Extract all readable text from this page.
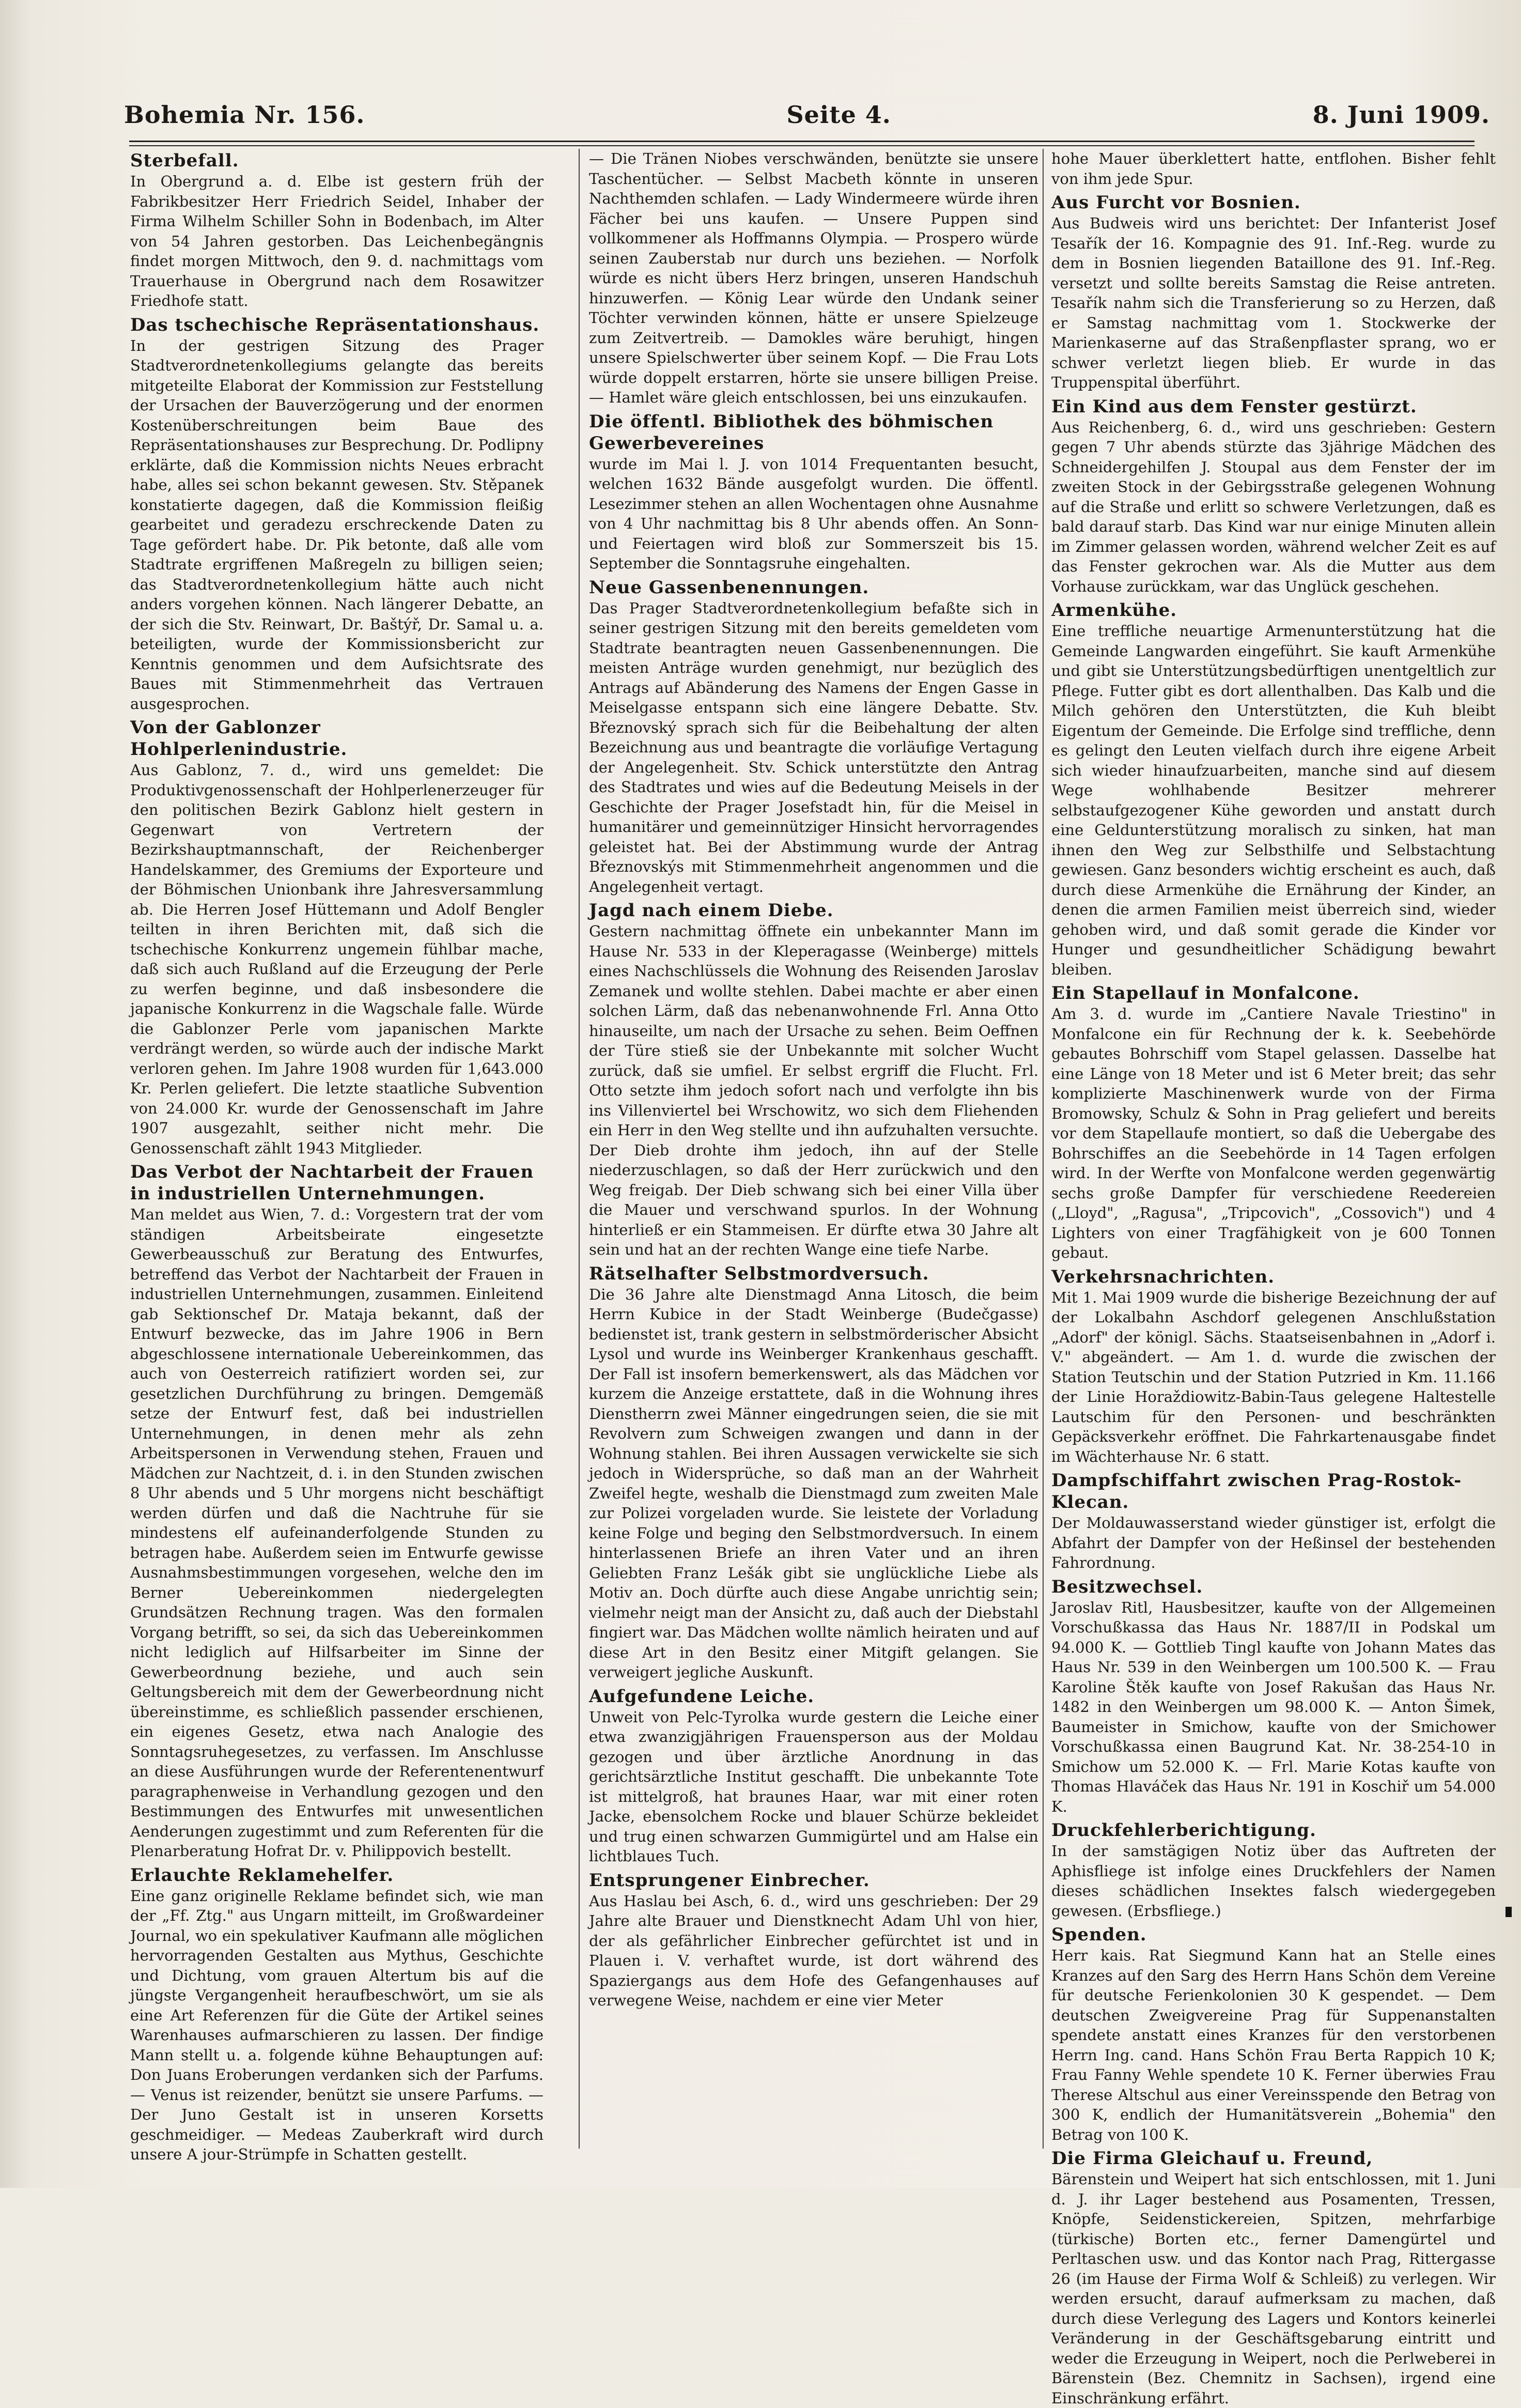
Bohemia Nr. 156.	Seite 4.	8. Juni 1909.
Sterbefall.

In Obergrund a. d. Elbe ist gestern früh der Fabrikbesitzer Herr Friedrich Seidel, Inhaber der Firma Wilhelm Schiller Sohn in Bodenbach, im Alter von 54 Jahren gestorben. Das Leichenbegängnis findet morgen Mittwoch, den 9. d. nachmittags vom Trauerhause in Obergrund nach dem Rosawitzer Friedhofe statt.

Das tschechische Repräsentationshaus.

In der gestrigen Sitzung des Prager Stadtverordnetenkollegiums gelangte das bereits mitgeteilte Elaborat der Kommission zur Feststellung der Ursachen der Bauverzögerung und der enormen Kostenüberschreitungen beim Baue des Repräsentationshauses zur Besprechung. Dr. Podlipny erklärte, daß die Kommission nichts Neues erbracht habe, alles sei schon bekannt gewesen. Stv. Stěpanek konstatierte dagegen, daß die Kommission fleißig gearbeitet und geradezu erschreckende Daten zu Tage gefördert habe. Dr. Pik betonte, daß alle vom Stadtrate ergriffenen Maßregeln zu billigen seien; das Stadtverordnetenkollegium hätte auch nicht anders vorgehen können. Nach längerer Debatte, an der sich die Stv. Reinwart, Dr. Baštýř, Dr. Samal u. a. beteiligten, wurde der Kommissionsbericht zur Kenntnis genommen und dem Aufsichtsrate des Baues mit Stimmenmehrheit das Vertrauen ausgesprochen.

Von der Gablonzer Hohlperlenindustrie.

Aus Gablonz, 7. d., wird uns gemeldet: Die Produktivgenossenschaft der Hohlperlenerzeuger für den politischen Bezirk Gablonz hielt gestern in Gegenwart von Vertretern der Bezirkshauptmannschaft, der Reichenberger Handelskammer, des Gremiums der Exporteure und der Böhmischen Unionbank ihre Jahresversammlung ab. Die Herren Josef Hüttemann und Adolf Bengler teilten in ihren Berichten mit, daß sich die tschechische Konkurrenz ungemein fühlbar mache, daß sich auch Rußland auf die Erzeugung der Perle zu werfen beginne, und daß insbesondere die japanische Konkurrenz in die Wagschale falle. Würde die Gablonzer Perle vom japanischen Markte verdrängt werden, so würde auch der indische Markt verloren gehen. Im Jahre 1908 wurden für 1,643.000 Kr. Perlen geliefert. Die letzte staatliche Subvention von 24.000 Kr. wurde der Genossenschaft im Jahre 1907 ausgezahlt, seither nicht mehr. Die Genossenschaft zählt 1943 Mitglieder.

Das Verbot der Nachtarbeit der Frauen in industriellen Unternehmungen.

Man meldet aus Wien, 7. d.: Vorgestern trat der vom ständigen Arbeitsbeirate eingesetzte Gewerbeausschuß zur Beratung des Entwurfes, betreffend das Verbot der Nachtarbeit der Frauen in industriellen Unternehmungen, zusammen. Einleitend gab Sektionschef Dr. Mataja bekannt, daß der Entwurf bezwecke, das im Jahre 1906 in Bern abgeschlossene internationale Uebereinkommen, das auch von Oesterreich ratifiziert worden sei, zur gesetzlichen Durchführung zu bringen. Demgemäß setze der Entwurf fest, daß bei industriellen Unternehmungen, in denen mehr als zehn Arbeitspersonen in Verwendung stehen, Frauen und Mädchen zur Nachtzeit, d. i. in den Stunden zwischen 8 Uhr abends und 5 Uhr morgens nicht beschäftigt werden dürfen und daß die Nachtruhe für sie mindestens elf aufeinanderfolgende Stunden zu betragen habe. Außerdem seien im Entwurfe gewisse Ausnahmsbestimmungen vorgesehen, welche den im Berner Uebereinkommen niedergelegten Grundsätzen Rechnung tragen. Was den formalen Vorgang betrifft, so sei, da sich das Uebereinkommen nicht lediglich auf Hilfsarbeiter im Sinne der Gewerbeordnung beziehe, und auch sein Geltungsbereich mit dem der Gewerbeordnung nicht übereinstimme, es schließlich passender erschienen, ein eigenes Gesetz, etwa nach Analogie des Sonntagsruhegesetzes, zu verfassen. Im Anschlusse an diese Ausführungen wurde der Referentenentwurf paragraphenweise in Verhandlung gezogen und den Bestimmungen des Entwurfes mit unwesentlichen Aenderungen zugestimmt und zum Referenten für die Plenarberatung Hofrat Dr. v. Philippovich bestellt.

Erlauchte Reklamehelfer.

Eine ganz originelle Reklame befindet sich, wie man der „Ff. Ztg." aus Ungarn mitteilt, im Großwardeiner Journal, wo ein spekulativer Kaufmann alle möglichen hervorragenden Gestalten aus Mythus, Geschichte und Dichtung, vom grauen Altertum bis auf die jüngste Vergangenheit heraufbeschwört, um sie als eine Art Referenzen für die Güte der Artikel seines Warenhauses aufmarschieren zu lassen. Der findige Mann stellt u. a. folgende kühne Behauptungen auf: Don Juans Eroberungen verdanken sich der Parfums. — Venus ist reizender, benützt sie unsere Parfums. — Der Juno Gestalt ist in unseren Korsetts geschmeidiger. — Medeas Zauberkraft wird durch unsere A jour-Strümpfe in Schatten gestellt.

— Die Tränen Niobes verschwänden, benützte sie unsere Taschentücher. — Selbst Macbeth könnte in unseren Nachthemden schlafen. — Lady Windermeere würde ihren Fächer bei uns kaufen. — Unsere Puppen sind vollkommener als Hoffmanns Olympia. — Prospero würde seinen Zauberstab nur durch uns beziehen. — Norfolk würde es nicht übers Herz bringen, unseren Handschuh hinzuwerfen. — König Lear würde den Undank seiner Töchter verwinden können, hätte er unsere Spielzeuge zum Zeitvertreib. — Damokles wäre beruhigt, hingen unsere Spielschwerter über seinem Kopf. — Die Frau Lots würde doppelt erstarren, hörte sie unsere billigen Preise. — Hamlet wäre gleich entschlossen, bei uns einzukaufen.

Die öffentl. Bibliothek des böhmischen Gewerbevereines

wurde im Mai l. J. von 1014 Frequentanten besucht, welchen 1632 Bände ausgefolgt wurden. Die öffentl. Lesezimmer stehen an allen Wochentagen ohne Ausnahme von 4 Uhr nachmittag bis 8 Uhr abends offen. An Sonn- und Feiertagen wird bloß zur Sommerszeit bis 15. September die Sonntagsruhe eingehalten.

Neue Gassenbenennungen.

Das Prager Stadtverordnetenkollegium befaßte sich in seiner gestrigen Sitzung mit den bereits gemeldeten vom Stadtrate beantragten neuen Gassenbenennungen. Die meisten Anträge wurden genehmigt, nur bezüglich des Antrags auf Abänderung des Namens der Engen Gasse in Meiselgasse entspann sich eine längere Debatte. Stv. Březnovský sprach sich für die Beibehaltung der alten Bezeichnung aus und beantragte die vorläufige Vertagung der Angelegenheit. Stv. Schick unterstützte den Antrag des Stadtrates und wies auf die Bedeutung Meisels in der Geschichte der Prager Josefstadt hin, für die Meisel in humanitärer und gemeinnütziger Hinsicht hervorragendes geleistet hat. Bei der Abstimmung wurde der Antrag Březnovskýs mit Stimmenmehrheit angenommen und die Angelegenheit vertagt.

Jagd nach einem Diebe.

Gestern nachmittag öffnete ein unbekannter Mann im Hause Nr. 533 in der Kleperagasse (Weinberge) mittels eines Nachschlüssels die Wohnung des Reisenden Jaroslav Zemanek und wollte stehlen. Dabei machte er aber einen solchen Lärm, daß das nebenanwohnende Frl. Anna Otto hinauseilte, um nach der Ursache zu sehen. Beim Oeffnen der Türe stieß sie der Unbekannte mit solcher Wucht zurück, daß sie umfiel. Er selbst ergriff die Flucht. Frl. Otto setzte ihm jedoch sofort nach und verfolgte ihn bis ins Villenviertel bei Wrschowitz, wo sich dem Fliehenden ein Herr in den Weg stellte und ihn aufzuhalten versuchte. Der Dieb drohte ihm jedoch, ihn auf der Stelle niederzuschlagen, so daß der Herr zurückwich und den Weg freigab. Der Dieb schwang sich bei einer Villa über die Mauer und verschwand spurlos. In der Wohnung hinterließ er ein Stammeisen. Er dürfte etwa 30 Jahre alt sein und hat an der rechten Wange eine tiefe Narbe.

Rätselhafter Selbstmordversuch.

Die 36 Jahre alte Dienstmagd Anna Litosch, die beim Herrn Kubice in der Stadt Weinberge (Budečgasse) bedienstet ist, trank gestern in selbstmörderischer Absicht Lysol und wurde ins Weinberger Krankenhaus geschafft. Der Fall ist insofern bemerkenswert, als das Mädchen vor kurzem die Anzeige erstattete, daß in die Wohnung ihres Dienstherrn zwei Männer eingedrungen seien, die sie mit Revolvern zum Schweigen zwangen und dann in der Wohnung stahlen. Bei ihren Aussagen verwickelte sie sich jedoch in Widersprüche, so daß man an der Wahrheit Zweifel hegte, weshalb die Dienstmagd zum zweiten Male zur Polizei vorgeladen wurde. Sie leistete der Vorladung keine Folge und beging den Selbstmordversuch. In einem hinterlassenen Briefe an ihren Vater und an ihren Geliebten Franz Lešák gibt sie unglückliche Liebe als Motiv an. Doch dürfte auch diese Angabe unrichtig sein; vielmehr neigt man der Ansicht zu, daß auch der Diebstahl fingiert war. Das Mädchen wollte nämlich heiraten und auf diese Art in den Besitz einer Mitgift gelangen. Sie verweigert jegliche Auskunft.

Aufgefundene Leiche.

Unweit von Pelc-Tyrolka wurde gestern die Leiche einer etwa zwanzigjährigen Frauensperson aus der Moldau gezogen und über ärztliche Anordnung in das gerichtsärztliche Institut geschafft. Die unbekannte Tote ist mittelgroß, hat braunes Haar, war mit einer roten Jacke, ebensolchem Rocke und blauer Schürze bekleidet und trug einen schwarzen Gummigürtel und am Halse ein lichtblaues Tuch.

Entsprungener Einbrecher.

Aus Haslau bei Asch, 6. d., wird uns geschrieben: Der 29 Jahre alte Brauer und Dienstknecht Adam Uhl von hier, der als gefährlicher Einbrecher gefürchtet ist und in Plauen i. V. verhaftet wurde, ist dort während des Spaziergangs aus dem Hofe des Gefangenhauses auf verwegene Weise, nachdem er eine vier Meter

hohe Mauer überklettert hatte, entflohen. Bisher fehlt von ihm jede Spur.

Aus Furcht vor Bosnien.

Aus Budweis wird uns berichtet: Der Infanterist Josef Tesařík der 16. Kompagnie des 91. Inf.-Reg. wurde zu dem in Bosnien liegenden Bataillone des 91. Inf.-Reg. versetzt und sollte bereits Samstag die Reise antreten. Tesařík nahm sich die Transferierung so zu Herzen, daß er Samstag nachmittag vom 1. Stockwerke der Marienkaserne auf das Straßenpflaster sprang, wo er schwer verletzt liegen blieb. Er wurde in das Truppenspital überführt.

Ein Kind aus dem Fenster gestürzt.

Aus Reichenberg, 6. d., wird uns geschrieben: Gestern gegen 7 Uhr abends stürzte das 3jährige Mädchen des Schneidergehilfen J. Stoupal aus dem Fenster der im zweiten Stock in der Gebirgsstraße gelegenen Wohnung auf die Straße und erlitt so schwere Verletzungen, daß es bald darauf starb. Das Kind war nur einige Minuten allein im Zimmer gelassen worden, während welcher Zeit es auf das Fenster gekrochen war. Als die Mutter aus dem Vorhause zurückkam, war das Unglück geschehen.

Armenkühe.

Eine treffliche neuartige Armenunterstützung hat die Gemeinde Langwarden eingeführt. Sie kauft Armenkühe und gibt sie Unterstützungsbedürftigen unentgeltlich zur Pflege. Futter gibt es dort allenthalben. Das Kalb und die Milch gehören den Unterstützten, die Kuh bleibt Eigentum der Gemeinde. Die Erfolge sind treffliche, denn es gelingt den Leuten vielfach durch ihre eigene Arbeit sich wieder hinaufzuarbeiten, manche sind auf diesem Wege wohlhabende Besitzer mehrerer selbstaufgezogener Kühe geworden und anstatt durch eine Geldunterstützung moralisch zu sinken, hat man ihnen den Weg zur Selbsthilfe und Selbstachtung gewiesen. Ganz besonders wichtig erscheint es auch, daß durch diese Armenkühe die Ernährung der Kinder, an denen die armen Familien meist überreich sind, wieder gehoben wird, und daß somit gerade die Kinder vor Hunger und gesundheitlicher Schädigung bewahrt bleiben.

Ein Stapellauf in Monfalcone.

Am 3. d. wurde im „Cantiere Navale Triestino" in Monfalcone ein für Rechnung der k. k. Seebehörde gebautes Bohrschiff vom Stapel gelassen. Dasselbe hat eine Länge von 18 Meter und ist 6 Meter breit; das sehr komplizierte Maschinenwerk wurde von der Firma Bromowsky, Schulz & Sohn in Prag geliefert und bereits vor dem Stapellaufe montiert, so daß die Uebergabe des Bohrschiffes an die Seebehörde in 14 Tagen erfolgen wird. In der Werfte von Monfalcone werden gegenwärtig sechs große Dampfer für verschiedene Reedereien („Lloyd", „Ragusa", „Tripcovich", „Cossovich") und 4 Lighters von einer Tragfähigkeit von je 600 Tonnen gebaut.

Verkehrsnachrichten.

Mit 1. Mai 1909 wurde die bisherige Bezeichnung der auf der Lokalbahn Aschdorf gelegenen Anschlußstation „Adorf" der königl. Sächs. Staatseisenbahnen in „Adorf i. V." abgeändert. — Am 1. d. wurde die zwischen der Station Teutschin und der Station Putzried in Km. 11.166 der Linie Horaždiowitz-Babin-Taus gelegene Haltestelle Lautschim für den Personen- und beschränkten Gepäcksverkehr eröffnet. Die Fahrkartenausgabe findet im Wächterhause Nr. 6 statt.

Dampfschiffahrt zwischen Prag-Rostok-Klecan.

Der Moldauwasserstand wieder günstiger ist, erfolgt die Abfahrt der Dampfer von der Heßinsel der bestehenden Fahrordnung.

Besitzwechsel.

Jaroslav Ritl, Hausbesitzer, kaufte von der Allgemeinen Vorschußkassa das Haus Nr. 1887/II in Podskal um 94.000 K. — Gottlieb Tingl kaufte von Johann Mates das Haus Nr. 539 in den Weinbergen um 100.500 K. — Frau Karoline Štěk kaufte von Josef Rakušan das Haus Nr. 1482 in den Weinbergen um 98.000 K. — Anton Šimek, Baumeister in Smichow, kaufte von der Smichower Vorschußkassa einen Baugrund Kat. Nr. 38-254-10 in Smichow um 52.000 K. — Frl. Marie Kotas kaufte von Thomas Hlaváček das Haus Nr. 191 in Koschiř um 54.000 K.

Druckfehlerberichtigung.

In der samstägigen Notiz über das Auftreten der Aphisfliege ist infolge eines Druckfehlers der Namen dieses schädlichen Insektes falsch wiedergegeben gewesen. (Erbsfliege.)

Spenden.

Herr kais. Rat Siegmund Kann hat an Stelle eines Kranzes auf den Sarg des Herrn Hans Schön dem Vereine für deutsche Ferienkolonien 30 K gespendet. — Dem deutschen Zweigvereine Prag für Suppenanstalten spendete anstatt eines Kranzes für den verstorbenen Herrn Ing. cand. Hans Schön Frau Berta Rappich 10 K; Frau Fanny Wehle spendete 10 K. Ferner überwies Frau Therese Altschul aus einer Vereinsspende den Betrag von 300 K, endlich der Humanitätsverein „Bohemia" den Betrag von 100 K.

Die Firma Gleichauf u. Freund,

Bärenstein und Weipert hat sich entschlossen, mit 1. Juni d. J. ihr Lager bestehend aus Posamenten, Tressen, Knöpfe, Seidenstickereien, Spitzen, mehrfarbige (türkische) Borten etc., ferner Damengürtel und Perltaschen usw. und das Kontor nach Prag, Rittergasse 26 (im Hause der Firma Wolf & Schleiß) zu verlegen. Wir werden ersucht, darauf aufmerksam zu machen, daß durch diese Verlegung des Lagers und Kontors keinerlei Veränderung in der Geschäftsgebarung eintritt und weder die Erzeugung in Weipert, noch die Perlweberei in Bärenstein (Bez. Chemnitz in Sachsen), irgend eine Einschränkung erfährt.
